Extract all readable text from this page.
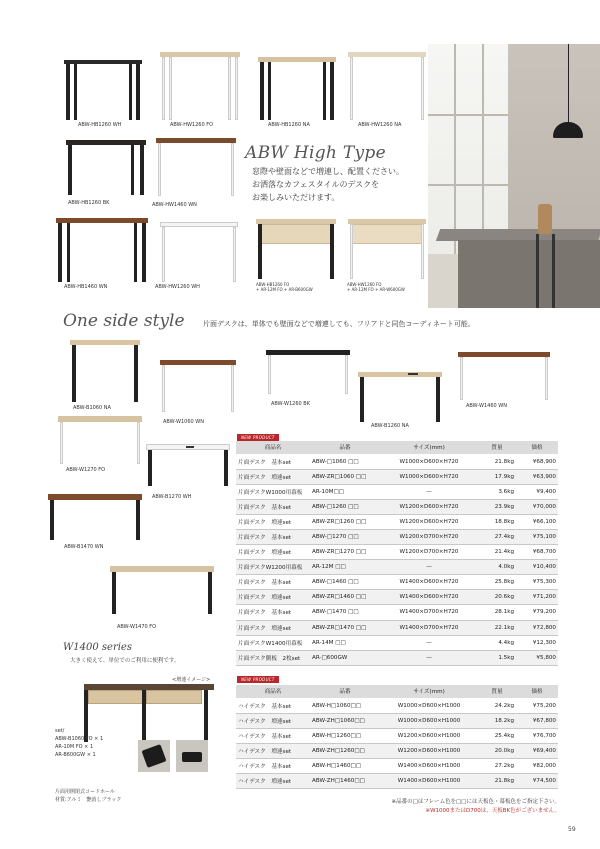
ABW-HB1260 WH	ABW-HW1260 FO	ABW-HB1260 NA	ABW-HW1260 NA
ABW-HB1260 BK	ABW-HW1460 WN
ABW-HB1460 WN	ABW-HW1260 WH	ABW-HB1260 FO
+ AR-12M FO + AR-B600GW
ABW-HW1260 FO
+ AR-12M FO + AR-W600GW
ABW High Type
窓際や壁面などで増連し、配置ください。
お洒落なカフェスタイルのデスクを
お楽しみいただけます。
One side style	片面デスクは、単体でも壁面などで増連しても、フリアドと同色コーディネート可能。
ABW-B1060 NA
ABW-W1060 WN
ABW-W1260 BK
ABW-B1260 NA
ABW-W1460 WN
ABW-W1270 FO
ABW-B1270 WH
ABW-B1470 WN
ABW-W1470 FO
W1400 series
大きく使えて、単位でのご利用に便利です。
<増連イメージ>
set/
ABW-B1060 FO × 1
AR-10M FO × 1
AR-B600GW × 1
片面用開閉式コードホール
材質:アルミ　艶消しブラック
NEW PRODUCT
商品名	品番	サイズ(mm)	質量	価格
片面デスク　基本set	ABW-□1060 □□	W1000×D600×H720	21.8kg	¥68,900
片面デスク　増連set	ABW-ZR□1060 □□	W1000×D600×H720	17.9kg	¥63,900
片面デスクW1000用幕板	AR-10M□□	—	3.6kg	¥9,400
片面デスク　基本set	ABW-□1260 □□	W1200×D600×H720	23.9kg	¥70,000
片面デスク　増連set	ABW-ZR□1260 □□	W1200×D600×H720	18.8kg	¥66,100
片面デスク　基本set	ABW-□1270 □□	W1200×D700×H720	27.4kg	¥75,100
片面デスク　増連set	ABW-ZR□1270 □□	W1200×D700×H720	21.4kg	¥68,700
片面デスクW1200用幕板	AR-12M □□	—	4.0kg	¥10,400
片面デスク　基本set	ABW-□1460 □□	W1400×D600×H720	25.8kg	¥75,300
片面デスク　増連set	ABW-ZR□1460 □□	W1400×D600×H720	20.6kg	¥71,200
片面デスク　基本set	ABW-□1470 □□	W1400×D700×H720	28.1kg	¥79,200
片面デスク　増連set	ABW-ZR□1470 □□	W1400×D700×H720	22.1kg	¥72,800
片面デスクW1400用幕板	AR-14M □□	—	4.4kg	¥12,300
片面デスク側板　2枚set	AR-□600GW	—	1.5kg	¥5,800
NEW PRODUCT
商品名	品番	サイズ(mm)	質量	価格
ハイデスク　基本set	ABW-H□1060□□	W1000×D600×H1000	24.2kg	¥75,200
ハイデスク　増連set	ABW-ZH□1060□□	W1000×D600×H1000	18.2kg	¥67,800
ハイデスク　基本set	ABW-H□1260□□	W1200×D600×H1000	25.4kg	¥76,700
ハイデスク　増連set	ABW-ZH□1260□□	W1200×D600×H1000	20.0kg	¥69,400
ハイデスク　基本set	ABW-H□1460□□	W1400×D600×H1000	27.2kg	¥82,000
ハイデスク　増連set	ABW-ZH□1460□□	W1400×D600×H1000	21.8kg	¥74,500
※品番の□はフレーム色を□□には天板色・幕板色をご指定下さい。
※W1000またはD700は、天板BK色がございません。
59
